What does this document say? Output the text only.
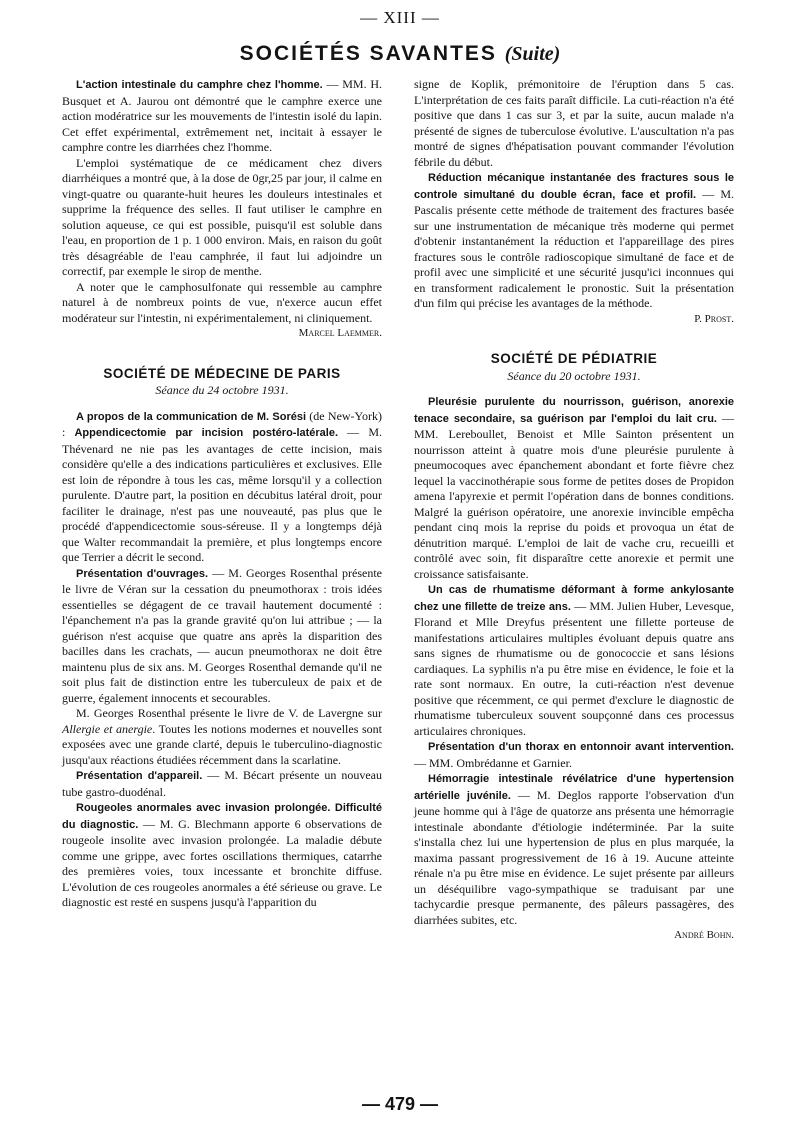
— XIII —
SOCIÉTÉS SAVANTES (Suite)

L'action intestinale du camphre chez l'homme. — MM. H. Busquet et A. Jaurou ont démontré que le camphre exerce une action modératrice sur les mouvements de l'intestin isolé du lapin. Cet effet expérimental, extrêmement net, incitait à essayer le camphre contre les diarrhées chez l'homme.

L'emploi systématique de ce médicament chez divers diarrhéiques a montré que, à la dose de 0gr,25 par jour, il calme en vingt-quatre ou quarante-huit heures les douleurs intestinales et supprime la fréquence des selles. Il faut utiliser le camphre en solution aqueuse, ce qui est possible, puisqu'il est soluble dans l'eau, en proportion de 1 p. 1 000 environ. Mais, en raison du goût très désagréable de l'eau camphrée, il faut lui adjoindre un correctif, par exemple le sirop de menthe.

A noter que le camphosulfonate qui ressemble au camphre naturel à de nombreux points de vue, n'exerce aucun effet modérateur sur l'intestin, ni expérimentalement, ni cliniquement.

Marcel Laemmer.

SOCIÉTÉ DE MÉDECINE DE PARIS
Séance du 24 octobre 1931.

A propos de la communication de M. Sorési (de New-York) : Appendicectomie par incision postéro-latérale. — M. Thévenard ne nie pas les avantages de cette incision, mais considère qu'elle a des indications particulières et exclusives. Elle est loin de répondre à tous les cas, même lorsqu'il y a collection purulente. D'autre part, la position en décubitus latéral droit, pour faciliter le drainage, n'est pas une nouveauté, pas plus que le procédé d'appendicectomie sous-séreuse. Il y a longtemps déjà que Walter recommandait la première, et plus longtemps encore que Terrier a décrit le second.

Présentation d'ouvrages. — M. Georges Rosenthal présente le livre de Véran sur la cessation du pneumothorax : trois idées essentielles se dégagent de ce travail hautement documenté : l'épanchement n'a pas la grande gravité qu'on lui attribue ; — la guérison n'est acquise que quatre ans après la disparition des bacilles dans les crachats, — aucun pneumothorax ne doit être maintenu plus de six ans. M. Georges Rosenthal demande qu'il ne soit plus fait de distinction entre les tuberculeux de paix et de guerre, également innocents et secourables.

M. Georges Rosenthal présente le livre de V. de Lavergne sur Allergie et anergie. Toutes les notions modernes et nouvelles sont exposées avec une grande clarté, depuis le tuberculino-diagnostic jusqu'aux réactions étudiées récemment dans la scarlatine.

Présentation d'appareil. — M. Bécart présente un nouveau tube gastro-duodénal.

Rougeoles anormales avec invasion prolongée. Difficulté du diagnostic. — M. G. Blechmann apporte 6 observations de rougeole insolite avec invasion prolongée. La maladie débute comme une grippe, avec fortes oscillations thermiques, catarrhe des premières voies, toux incessante et bronchite diffuse. L'évolution de ces rougeoles anormales a été sérieuse ou grave. Le diagnostic est resté en suspens jusqu'à l'apparition du

signe de Koplik, prémonitoire de l'éruption dans 5 cas. L'interprétation de ces faits paraît difficile. La cuti-réaction n'a été positive que dans 1 cas sur 3, et par la suite, aucun malade n'a présenté de signes de tuberculose évolutive. L'auscultation n'a pas montré de signes d'hépatisation pouvant commander l'évolution fébrile du début.

Réduction mécanique instantanée des fractures sous le controle simultané du double écran, face et profil. — M. Pascalis présente cette méthode de traitement des fractures basée sur une instrumentation de mécanique très moderne qui permet d'obtenir instantanément la réduction et l'appareillage des pires fractures sous le contrôle radioscopique simultané de face et de profil avec une simplicité et une sécurité jusqu'ici inconnues qui en transforment radicalement le pronostic. Suit la présentation d'un film qui précise les avantages de la méthode.

P. Prost.

SOCIÉTÉ DE PÉDIATRIE
Séance du 20 octobre 1931.

Pleurésie purulente du nourrisson, guérison, anorexie tenace secondaire, sa guérison par l'emploi du lait cru. — MM. Lereboullet, Benoist et Mlle Sainton présentent un nourrisson atteint à quatre mois d'une pleurésie purulente à pneumocoques avec épanchement abondant et forte fièvre chez lequel la vaccinothérapie sous forme de petites doses de Propidon amena l'apyrexie et permit l'opération dans de bonnes conditions. Malgré la guérison opératoire, une anorexie invincible empêcha pendant cinq mois la reprise du poids et provoqua un état de dénutrition marqué. L'emploi de lait de vache cru, recueilli et contrôlé avec soin, fit disparaître cette anorexie et permit une croissance satisfaisante.

Un cas de rhumatisme déformant à forme ankylosante chez une fillette de treize ans. — MM. Julien Huber, Levesque, Florand et Mlle Dreyfus présentent une fillette porteuse de manifestations articulaires multiples évoluant depuis quatre ans sans signes de rhumatisme ou de gonococcie et sans lésions cardiaques. La syphilis n'a pu être mise en évidence, le foie et la rate sont normaux. En outre, la cuti-réaction n'est devenue positive que récemment, ce qui permet d'exclure le diagnostic de rhumatisme tuberculeux souvent soupçonné dans ces processus articulaires chroniques.

Présentation d'un thorax en entonnoir avant intervention. — MM. Ombrédanne et Garnier.

Hémorragie intestinale révélatrice d'une hypertension artérielle juvénile. — M. Deglos rapporte l'observation d'un jeune homme qui à l'âge de quatorze ans présenta une hémorragie intestinale abondante d'étiologie indéterminée. Par la suite s'installa chez lui une hypertension de plus en plus marquée, la maxima passant progressivement de 16 à 19. Aucune atteinte rénale n'a pu être mise en évidence. Le sujet présente par ailleurs un déséquilibre vago-sympathique se traduisant par une tachycardie presque permanente, des pâleurs passagères, des diarrhées subites, etc.

André Bohn.

— 479 —
